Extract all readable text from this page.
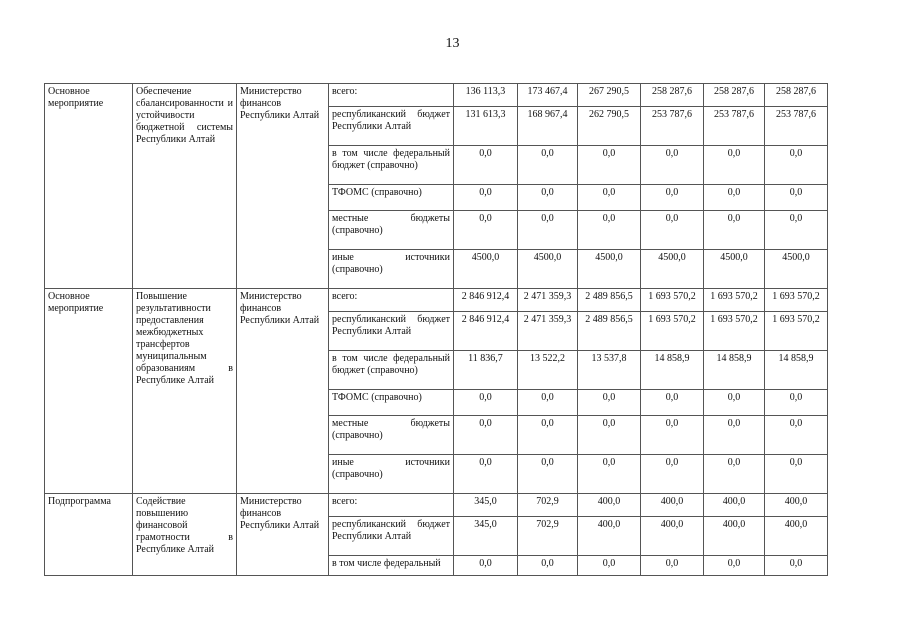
13
Основное мероприятие	Обеспечение сбалансированности и устойчивости бюджетной системы Республики Алтай	Министерство финансов Республики Алтай	всего:	136 113,3	173 467,4	267 290,5	258 287,6	258 287,6	258 287,6
			республиканский бюджет Республики Алтай	131 613,3	168 967,4	262 790,5	253 787,6	253 787,6	253 787,6
			в том числе федеральный бюджет (справочно)	0,0	0,0	0,0	0,0	0,0	0,0
			ТФОМС (справочно)	0,0	0,0	0,0	0,0	0,0	0,0
			местные бюджеты (справочно)	0,0	0,0	0,0	0,0	0,0	0,0
			иные источники (справочно)	4500,0	4500,0	4500,0	4500,0	4500,0	4500,0
Основное мероприятие	Повышение результативности предоставления межбюджетных трансфертов муниципальным образованиям в Республике Алтай	Министерство финансов Республики Алтай	всего:	2 846 912,4	2 471 359,3	2 489 856,5	1 693 570,2	1 693 570,2	1 693 570,2
			республиканский бюджет Республики Алтай	2 846 912,4	2 471 359,3	2 489 856,5	1 693 570,2	1 693 570,2	1 693 570,2
			в том числе федеральный бюджет (справочно)	11 836,7	13 522,2	13 537,8	14 858,9	14 858,9	14 858,9
			ТФОМС (справочно)	0,0	0,0	0,0	0,0	0,0	0,0
			местные бюджеты (справочно)	0,0	0,0	0,0	0,0	0,0	0,0
			иные источники (справочно)	0,0	0,0	0,0	0,0	0,0	0,0
Подпрограмма	Содействие повышению финансовой грамотности в Республике Алтай	Министерство финансов Республики Алтай	всего:	345,0	702,9	400,0	400,0	400,0	400,0
			республиканский бюджет Республики Алтай	345,0	702,9	400,0	400,0	400,0	400,0
			в том числе федеральный	0,0	0,0	0,0	0,0	0,0	0,0
